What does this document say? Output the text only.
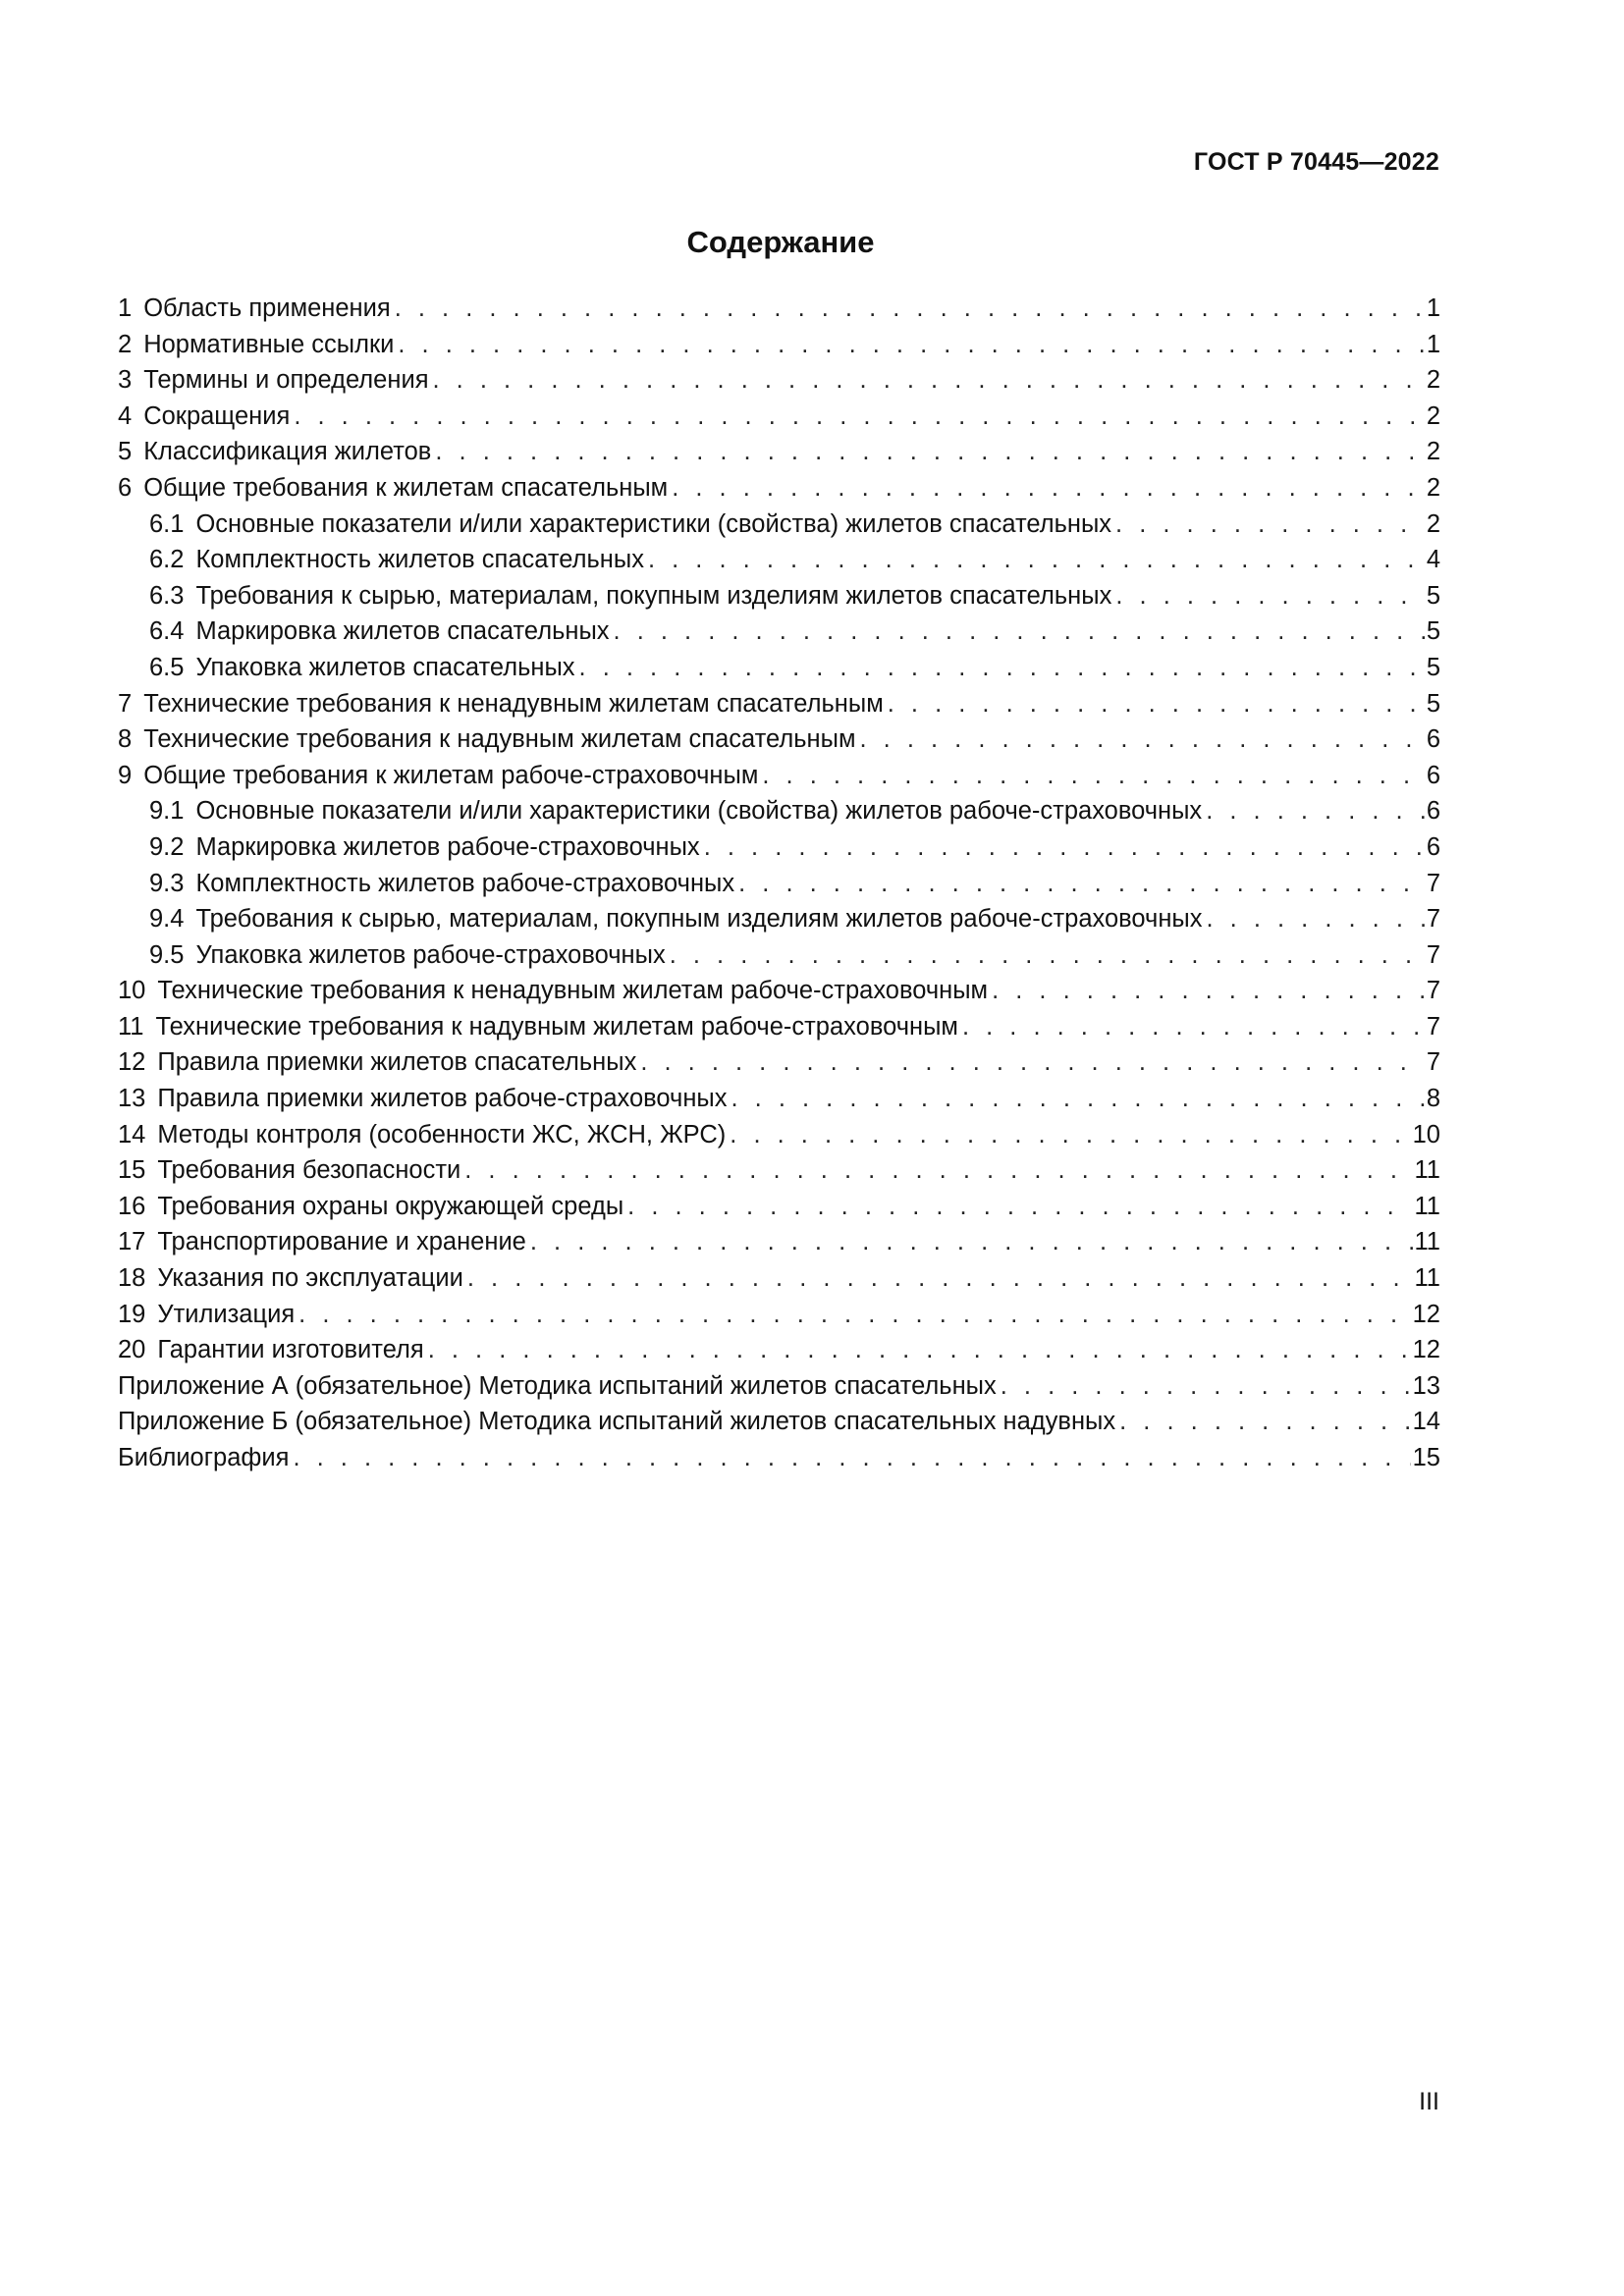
ГОСТ Р 70445—2022
Содержание
1 Область применения . . .	1
2 Нормативные ссылки . . .	1
3 Термины и определения . . .	2
4 Сокращения . . .	2
5 Классификация жилетов . . .	2
6 Общие требования к жилетам спасательным . . .	2
6.1 Основные показатели и/или характеристики (свойства) жилетов спасательных . . .	2
6.2 Комплектность жилетов спасательных . . .	4
6.3 Требования к сырью, материалам, покупным изделиям жилетов спасательных . . .	5
6.4 Маркировка жилетов спасательных . . .	5
6.5 Упаковка жилетов спасательных . . .	5
7 Технические требования к ненадувным жилетам спасательным . . .	5
8 Технические требования к надувным жилетам спасательным . . .	6
9 Общие требования к жилетам рабоче-страховочным . . .	6
9.1 Основные показатели и/или характеристики (свойства) жилетов рабоче-страховочных . . .	6
9.2 Маркировка жилетов рабоче-страховочных . . .	6
9.3 Комплектность жилетов рабоче-страховочных . . .	7
9.4 Требования к сырью, материалам, покупным изделиям жилетов рабоче-страховочных . . .	7
9.5 Упаковка жилетов рабоче-страховочных . . .	7
10 Технические требования к ненадувным жилетам рабоче-страховочным . . .	7
11 Технические требования к надувным жилетам рабоче-страховочным . . .	7
12 Правила приемки жилетов спасательных . . .	7
13 Правила приемки жилетов рабоче-страховочных . . .	8
14 Методы контроля (особенности ЖС, ЖСН, ЖРС) . . .	10
15 Требования безопасности . . .	11
16 Требования охраны окружающей среды . . .	11
17 Транспортирование и хранение . . .	11
18 Указания по эксплуатации . . .	11
19 Утилизация . . .	12
20 Гарантии изготовителя . . .	12
Приложение А (обязательное) Методика испытаний жилетов спасательных . . .	13
Приложение Б (обязательное) Методика испытаний жилетов спасательных надувных . . .	14
Библиография . . .	15
III
